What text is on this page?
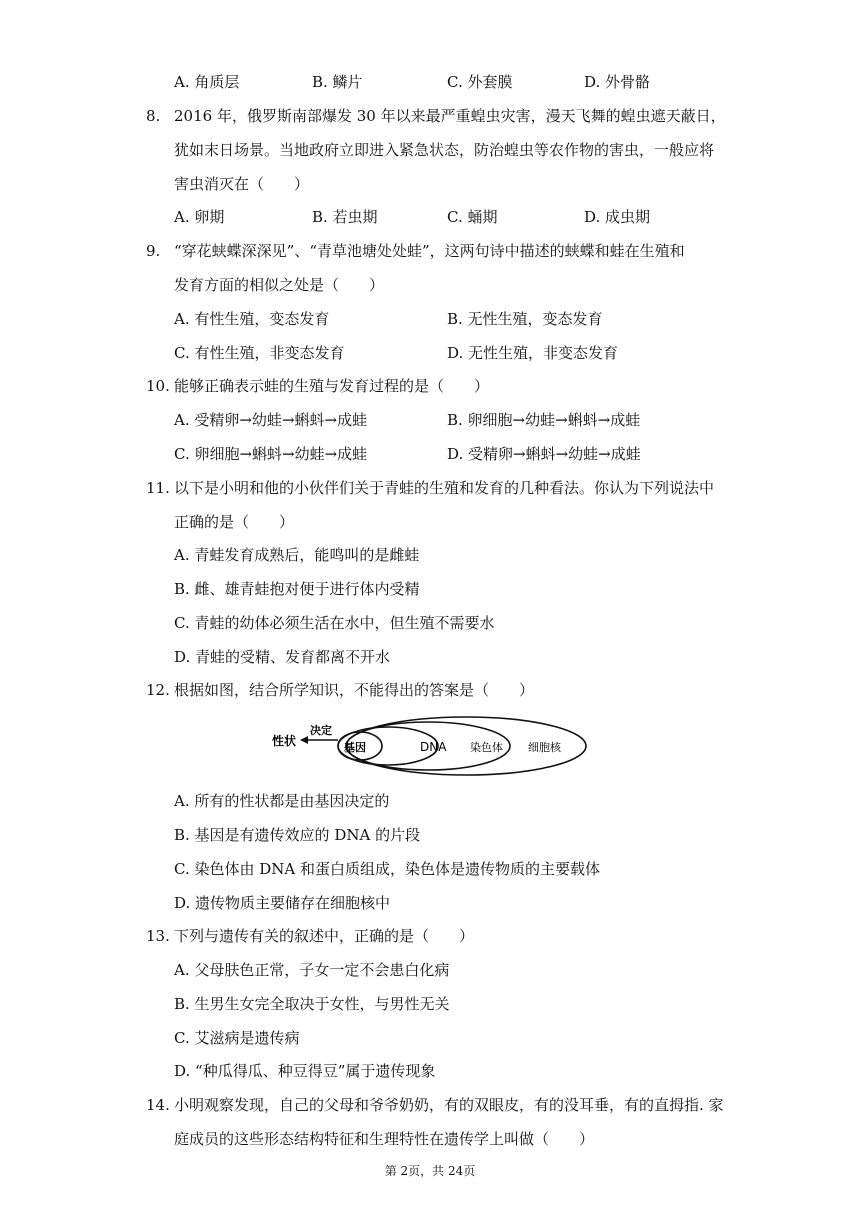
A. 角质层	B. 鳞片	C. 外套膜	D. 外骨骼
8. 2016 年，俄罗斯南部爆发 30 年以来最严重蝗虫灾害，漫天飞舞的蝗虫遮天蔽日，
犹如末日场景。当地政府立即进入紧急状态，防治蝗虫等农作物的害虫，一般应将
害虫消灭在（　　）
A. 卵期	B. 若虫期	C. 蛹期	D. 成虫期
9. “穿花蛱蝶深深见”、“青草池塘处处蛙”，这两句诗中描述的蛱蝶和蛙在生殖和
发育方面的相似之处是（　　）
A. 有性生殖，变态发育	B. 无性生殖，变态发育
C. 有性生殖，非变态发育	D. 无性生殖，非变态发育
10. 能够正确表示蛙的生殖与发育过程的是（　　）
A. 受精卵→幼蛙→蝌蚪→成蛙	B. 卵细胞→幼蛙→蝌蚪→成蛙
C. 卵细胞→蝌蚪→幼蛙→成蛙	D. 受精卵→蝌蚪→幼蛙→成蛙
11. 以下是小明和他的小伙伴们关于青蛙的生殖和发育的几种看法。你认为下列说法中
正确的是（　　）
A. 青蛙发育成熟后，能鸣叫的是雌蛙
B. 雌、雄青蛙抱对便于进行体内受精
C. 青蛙的幼体必须生活在水中，但生殖不需要水
D. 青蛙的受精、发育都离不开水
12. 根据如图，结合所学知识，不能得出的答案是（　　）
性状
决定
基因	DNA 染色体 细胞核
A. 所有的性状都是由基因决定的
B. 基因是有遗传效应的 DNA 的片段
C. 染色体由 DNA 和蛋白质组成，染色体是遗传物质的主要载体
D. 遗传物质主要储存在细胞核中
13. 下列与遗传有关的叙述中，正确的是（　　）
A. 父母肤色正常，子女一定不会患白化病
B. 生男生女完全取决于女性，与男性无关
C. 艾滋病是遗传病
D. “种瓜得瓜、种豆得豆”属于遗传现象
14. 小明观察发现，自己的父母和爷爷奶奶，有的双眼皮，有的没耳垂，有的直拇指. 家
庭成员的这些形态结构特征和生理特性在遗传学上叫做（　　）
第 2页，共 24页
